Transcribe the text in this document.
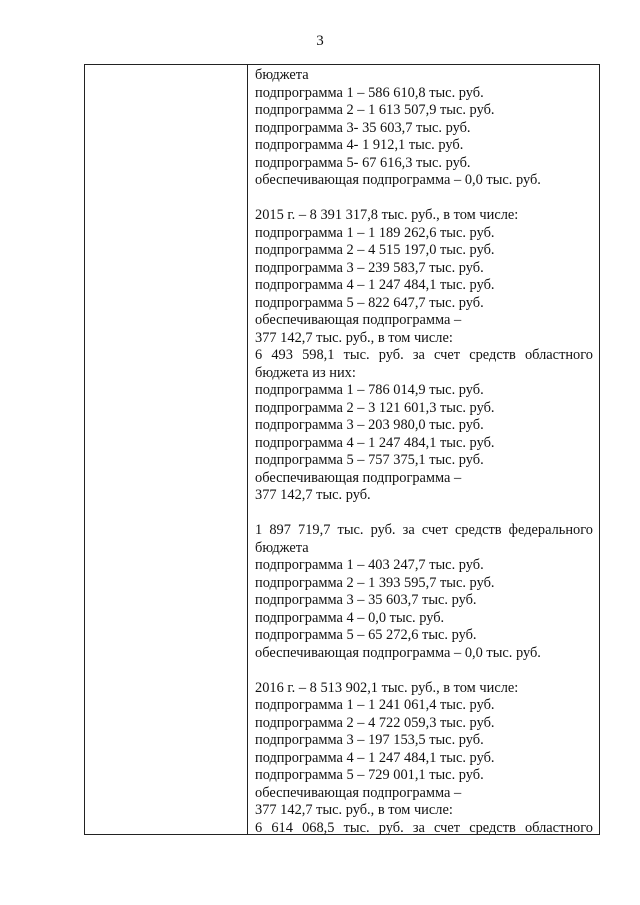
3
бюджета
подпрограмма 1 – 586 610,8 тыс. руб.
подпрограмма 2 – 1 613 507,9 тыс. руб.
подпрограмма 3- 35 603,7 тыс. руб.
подпрограмма 4- 1 912,1 тыс. руб.
подпрограмма 5- 67 616,3 тыс. руб.
обеспечивающая подпрограмма – 0,0 тыс. руб.
2015 г. – 8 391 317,8 тыс. руб., в том числе:
подпрограмма 1 – 1 189 262,6 тыс. руб.
подпрограмма 2 – 4 515 197,0 тыс. руб.
подпрограмма 3 – 239 583,7 тыс. руб.
подпрограмма 4 – 1 247 484,1 тыс. руб.
подпрограмма 5 – 822 647,7 тыс. руб.
обеспечивающая подпрограмма –
377 142,7 тыс. руб., в том числе:
6 493 598,1 тыс. руб. за счет средств областного
бюджета из них:
подпрограмма 1 – 786 014,9 тыс. руб.
подпрограмма 2 – 3 121 601,3 тыс. руб.
подпрограмма 3 – 203 980,0 тыс. руб.
подпрограмма 4 – 1 247 484,1 тыс. руб.
подпрограмма 5 – 757 375,1 тыс. руб.
обеспечивающая подпрограмма –
377 142,7 тыс. руб.
1 897 719,7 тыс. руб. за счет средств федерального
бюджета
подпрограмма 1 – 403 247,7 тыс. руб.
подпрограмма 2 – 1 393 595,7 тыс. руб.
подпрограмма 3 – 35 603,7 тыс. руб.
подпрограмма 4 – 0,0 тыс. руб.
подпрограмма 5 – 65 272,6 тыс. руб.
обеспечивающая подпрограмма – 0,0 тыс. руб.
2016 г. – 8 513 902,1 тыс. руб., в том числе:
подпрограмма 1 – 1 241 061,4 тыс. руб.
подпрограмма 2 – 4 722 059,3 тыс. руб.
подпрограмма 3 – 197 153,5 тыс. руб.
подпрограмма 4 – 1 247 484,1 тыс. руб.
подпрограмма 5 – 729 001,1 тыс. руб.
обеспечивающая подпрограмма –
377 142,7 тыс. руб., в том числе:
6 614 068,5 тыс. руб. за счет средств областного
